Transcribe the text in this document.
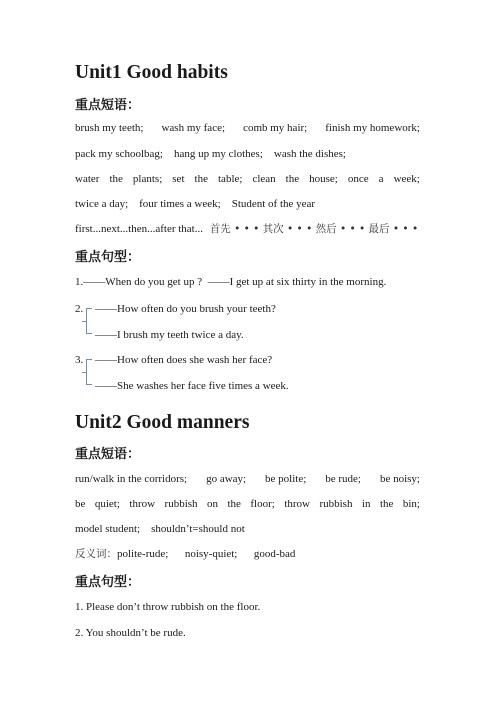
Unit1 Good habits
重点短语：
brush my teeth; wash my face; comb my hair; finish my homework;
pack my schoolbag;    hang up my clothes;    wash the dishes;
water the plants; set the table; clean the house; once a week;
twice a day;    four times a week;    Student of the year
first...next...then...after that... 首先 • • • 其次 • • • 然后 • • • 最后 • • •
重点句型：
1.——When do you get up ?  ——I get up at six thirty in the morning.
2. ——How often do you brush your teeth?
——I brush my teeth twice a day.
3. ——How often does she wash her face?
——She washes her face five times a week.
Unit2 Good manners
重点短语：
run/walk in the corridors; go away; be polite; be rude; be noisy;
be quiet; throw rubbish on the floor; throw rubbish in the bin;
model student;    shouldn’t=should not
反义词：polite-rude;      noisy-quiet;      good-bad
重点句型：
1. Please don’t throw rubbish on the floor.
2. You shouldn’t be rude.
